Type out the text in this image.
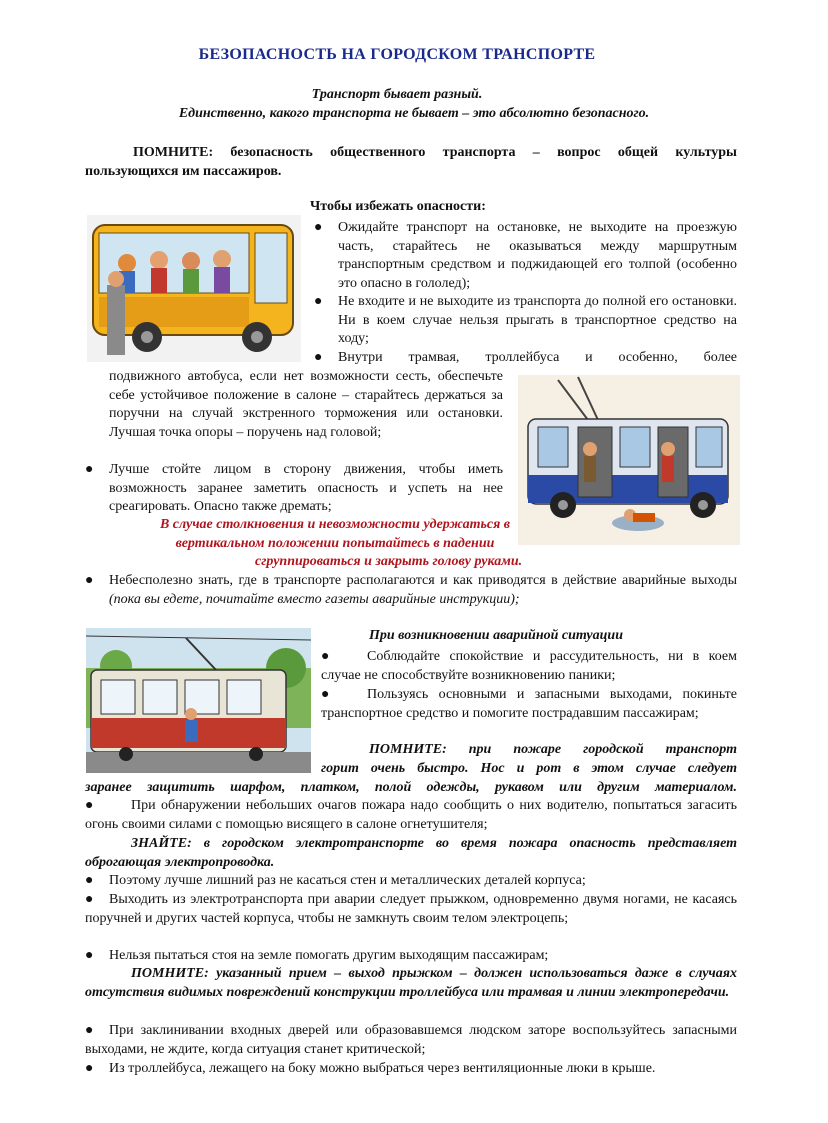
БЕЗОПАСНОСТЬ НА ГОРОДСКОМ ТРАНСПОРТЕ
Транспорт бывает разный.
Единственно, какого транспорта не бывает – это абсолютно безопасного.
ПОМНИТЕ: безопасность общественного транспорта – вопрос общей культуры пользующихся им пассажиров.
Чтобы избежать опасности:
● Ожидайте транспорт на остановке, не выходите на проезжую часть, старайтесь не оказываться между маршрутным транспортным средством и поджидающей его толпой (особенно это опасно в гололед);
● Не входите и не выходите из транспорта до полной его остановки. Ни в коем случае нельзя прыгать в транспортное средство на ходу;
● Внутри трамвая, троллейбуса и особенно, более
подвижного автобуса, если нет возможности сесть, обеспечьте себе устойчивое положение в салоне – старайтесь держаться за поручни на случай экстренного торможения или остановки. Лучшая точка опоры – поручень над головой;
● Лучше стойте лицом в сторону движения, чтобы иметь возможность заранее заметить опасность и успеть на нее среагировать. Опасно также дремать;
В случае столкновения и невозможности удержаться в
вертикальном положении попытайтесь в падении
сгруппироваться и закрыть голову руками.
● Небесполезно знать, где в транспорте располагаются и как приводятся в действие аварийные выходы (пока вы едете, почитайте вместо газеты аварийные инструкции);
При возникновении аварийной ситуации
●	Соблюдайте спокойствие и рассудительность, ни в коем случае не способствуйте возникновению паники;
●	Пользуясь основными и запасными выходами, покиньте транспортное средство и помогите пострадавшим пассажирам;
ПОМНИТЕ: при пожаре городской транспорт
горит очень быстро. Нос и рот в этом случае следует
заранее защитить шарфом, платком, полой одежды, рукавом или другим материалом.
●	При обнаружении небольших очагов пожара надо сообщить о них водителю, попытаться загасить огонь своими силами с помощью висящего в салоне огнетушителя;
ЗНАЙТЕ: в городском электротранспорте во время пожара опасность представляет оброгающая электропроводка.
● Поэтому лучше лишний раз не касаться стен и металлических деталей корпуса;
● Выходить из электротранспорта при аварии следует прыжком, одновременно двумя ногами, не касаясь поручней и других частей корпуса, чтобы не замкнуть своим телом электроцепь;
● Нельзя пытаться стоя на земле помогать другим выходящим пассажирам;
ПОМНИТЕ: указанный прием – выход прыжком – должен использоваться даже в случаях отсутствия видимых повреждений конструкции троллейбуса или трамвая и линии электропередачи.
● При заклинивании входных дверей или образовавшемся людском заторе воспользуйтесь запасными выходами, не ждите, когда ситуация станет критической;
● Из троллейбуса, лежащего на боку можно выбраться через вентиляционные люки в крыше.
